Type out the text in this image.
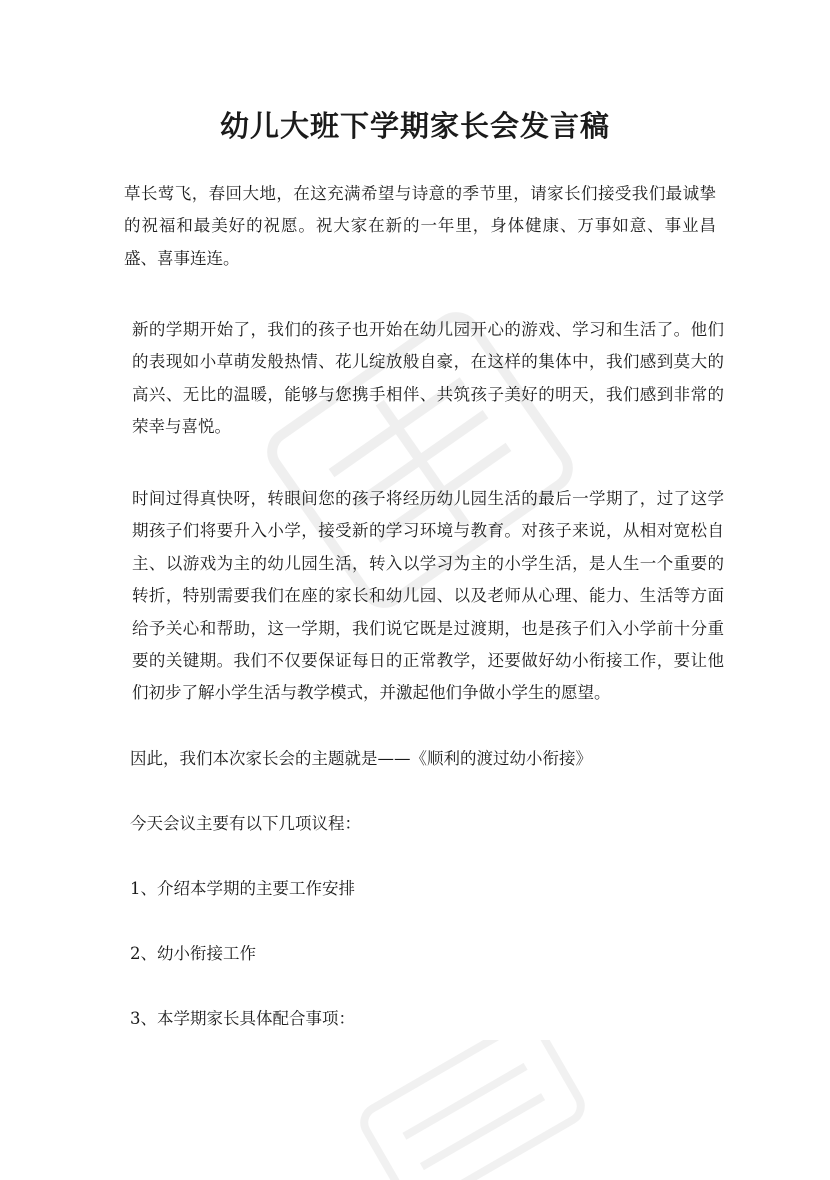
幼儿大班下学期家长会发言稿

草长莺飞，春回大地，在这充满希望与诗意的季节里，请家长们接受我们最诚挚的祝福和最美好的祝愿。祝大家在新的一年里，身体健康、万事如意、事业昌盛、喜事连连。

新的学期开始了，我们的孩子也开始在幼儿园开心的游戏、学习和生活了。他们的表现如小草萌发般热情、花儿绽放般自豪，在这样的集体中，我们感到莫大的高兴、无比的温暖，能够与您携手相伴、共筑孩子美好的明天，我们感到非常的荣幸与喜悦。

时间过得真快呀，转眼间您的孩子将经历幼儿园生活的最后一学期了，过了这学期孩子们将要升入小学，接受新的学习环境与教育。对孩子来说，从相对宽松自主、以游戏为主的幼儿园生活，转入以学习为主的小学生活，是人生一个重要的转折，特别需要我们在座的家长和幼儿园、以及老师从心理、能力、生活等方面给予关心和帮助，这一学期，我们说它既是过渡期，也是孩子们入小学前十分重要的关键期。我们不仅要保证每日的正常教学，还要做好幼小衔接工作，要让他们初步了解小学生活与教学模式，并激起他们争做小学生的愿望。

因此，我们本次家长会的主题就是——《顺利的渡过幼小衔接》

今天会议主要有以下几项议程：

1、介绍本学期的主要工作安排

2、幼小衔接工作

3、本学期家长具体配合事项：
